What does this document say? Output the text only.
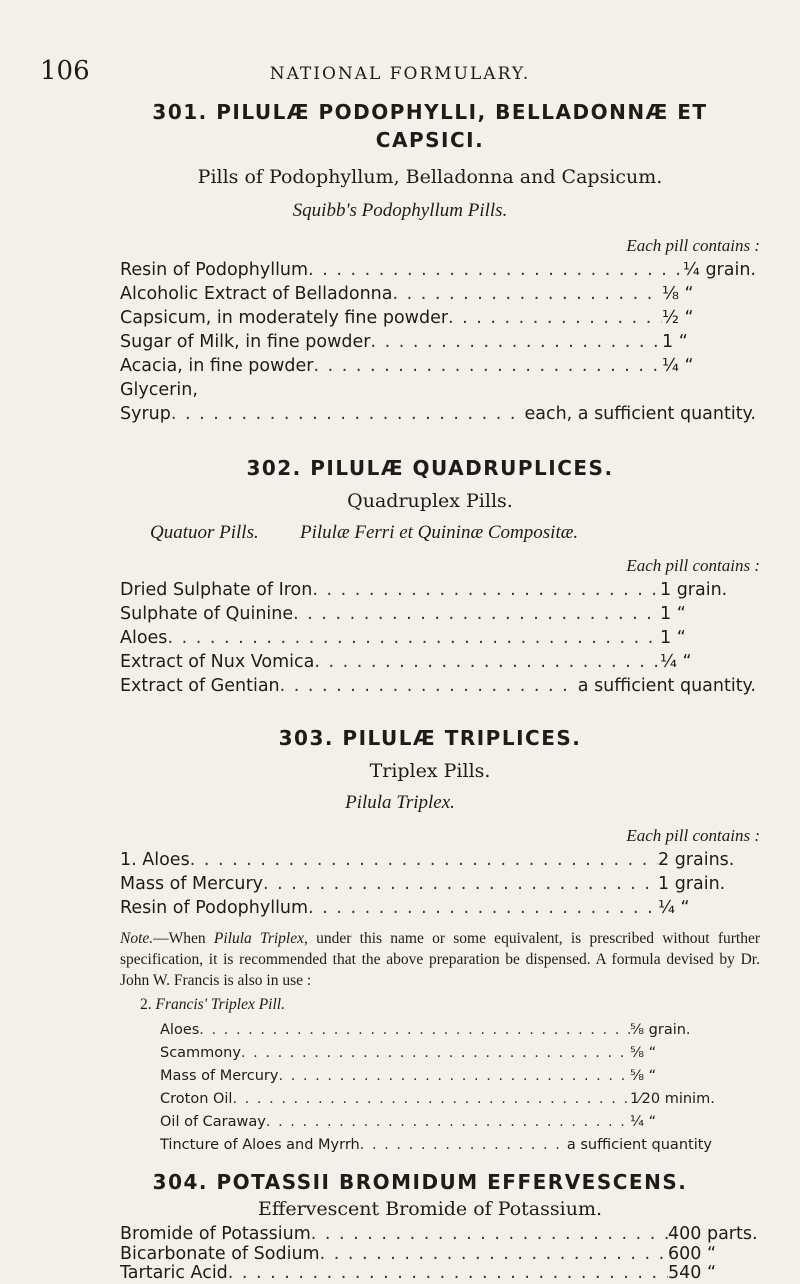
106	NATIONAL FORMULARY.
301. PILULÆ PODOPHYLLI, BELLADONNÆ ET
CAPSICI.
Pills of Podophyllum, Belladonna and Capsicum.
Squibb's Podophyllum Pills.
Each pill contains :
Resin of Podophyllum . . .	¼ grain.
Alcoholic Extract of Belladonna . . .	⅛ “
Capsicum, in moderately fine powder . . .	½ “
Sugar of Milk, in fine powder . . .	1 “
Acacia, in fine powder . . .	¼ “
Glycerin,
Syrup . . .	each, a sufficient quantity.
302. PILULÆ QUADRUPLICES.
Quadruplex Pills.
Quatuor Pills. Pilulæ Ferri et Quininæ Compositæ.
Each pill contains :
Dried Sulphate of Iron . . .	1 grain.
Sulphate of Quinine . . .	1 “
Aloes . . .	1 “
Extract of Nux Vomica . . .	¼ “
Extract of Gentian . . .	a sufficient quantity.
303. PILULÆ TRIPLICES.
Triplex Pills.
Pilula Triplex.
Each pill contains :
1. Aloes . . .	2 grains.
Mass of Mercury . . .	1 grain.
Resin of Podophyllum . . .	¼ “
Note.—When Pilula Triplex, under this name or some equivalent, is prescribed without further specification, it is recommended that the above preparation be dispensed. A formula devised by Dr. John W. Francis is also in use :
2. Francis' Triplex Pill.
Aloes . . .	⅝ grain.
Scammony . . .	⅝ “
Mass of Mercury . . .	⅝ “
Croton Oil . . .	1⁄20 minim.
Oil of Caraway . . .	¼ “
Tincture of Aloes and Myrrh . . .	a sufficient quantity
304. POTASSII BROMIDUM EFFERVESCENS.
Effervescent Bromide of Potassium.
Bromide of Potassium . . .	400 parts.
Bicarbonate of Sodium . . .	600 “
Tartaric Acid . . .	540 “
